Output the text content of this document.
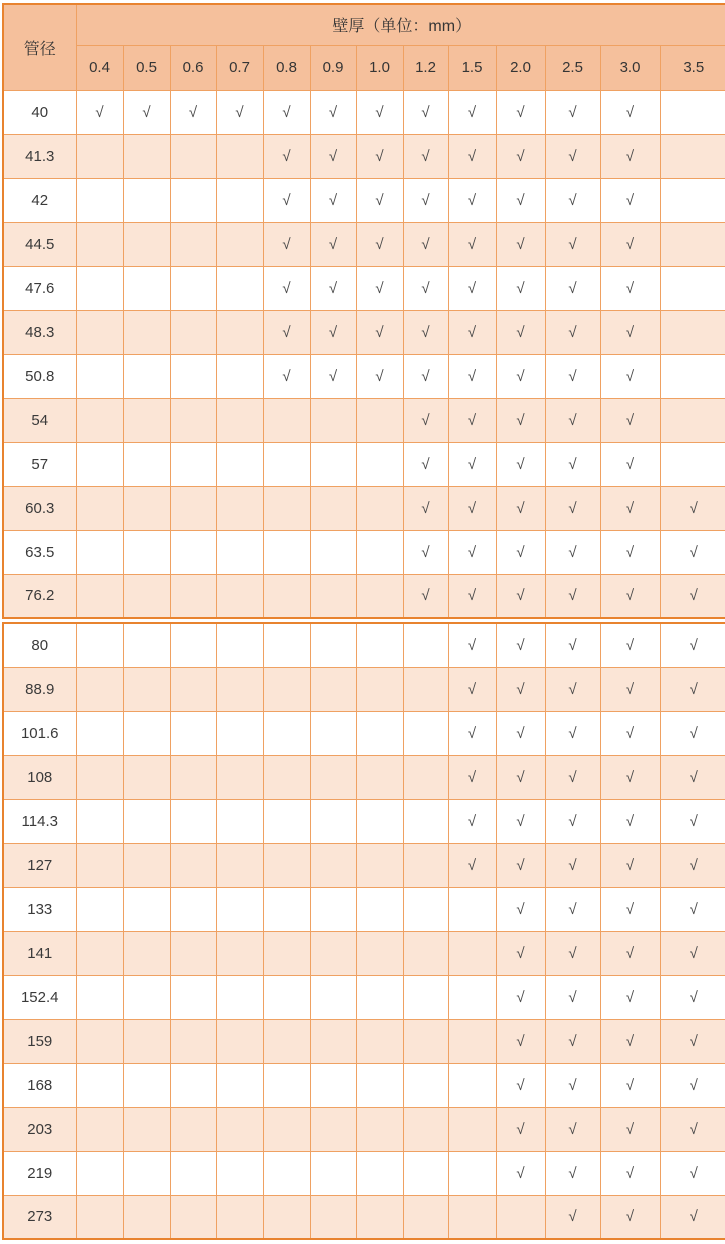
管径	壁厚（单位：mm）												
	0.4	0.5	0.6	0.7	0.8	0.9	1.0	1.2	1.5	2.0	2.5	3.0	3.5
40	√	√	√	√	√	√	√	√	√	√	√	√	
41.3					√	√	√	√	√	√	√	√	
42					√	√	√	√	√	√	√	√	
44.5					√	√	√	√	√	√	√	√	
47.6					√	√	√	√	√	√	√	√	
48.3					√	√	√	√	√	√	√	√	
50.8					√	√	√	√	√	√	√	√	
54								√	√	√	√	√	
57								√	√	√	√	√	
60.3								√	√	√	√	√	√
63.5								√	√	√	√	√	√
76.2								√	√	√	√	√	√

80									√	√	√	√	√
88.9									√	√	√	√	√
101.6									√	√	√	√	√
108									√	√	√	√	√
114.3									√	√	√	√	√
127									√	√	√	√	√
133										√	√	√	√
141										√	√	√	√
152.4										√	√	√	√
159										√	√	√	√
168										√	√	√	√
203										√	√	√	√
219										√	√	√	√
273											√	√	√
